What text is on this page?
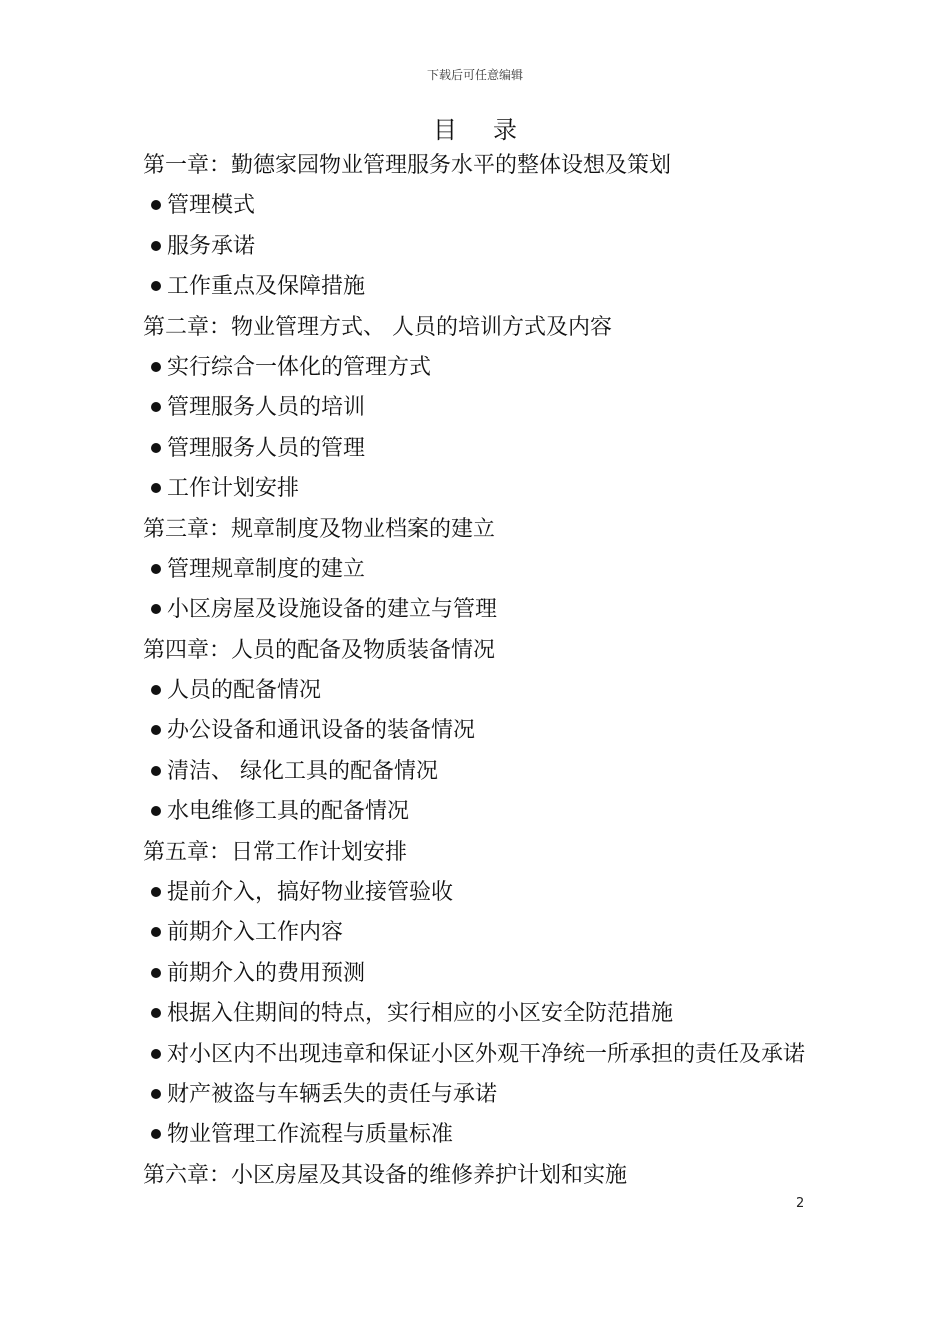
下载后可任意编辑
目录
第一章：勤德家园物业管理服务水平的整体设想及策划
管理模式
服务承诺
工作重点及保障措施
第二章：物业管理方式、 人员的培训方式及内容
实行综合一体化的管理方式
管理服务人员的培训
管理服务人员的管理
工作计划安排
第三章：规章制度及物业档案的建立
管理规章制度的建立
小区房屋及设施设备的建立与管理
第四章：人员的配备及物质装备情况
人员的配备情况
办公设备和通讯设备的装备情况
清洁、 绿化工具的配备情况
水电维修工具的配备情况
第五章：日常工作计划安排
提前介入，搞好物业接管验收
前期介入工作内容
前期介入的费用预测
根据入住期间的特点，实行相应的小区安全防范措施
对小区内不出现违章和保证小区外观干净统一所承担的责任及承诺
财产被盗与车辆丢失的责任与承诺
物业管理工作流程与质量标准
第六章：小区房屋及其设备的维修养护计划和实施
2
